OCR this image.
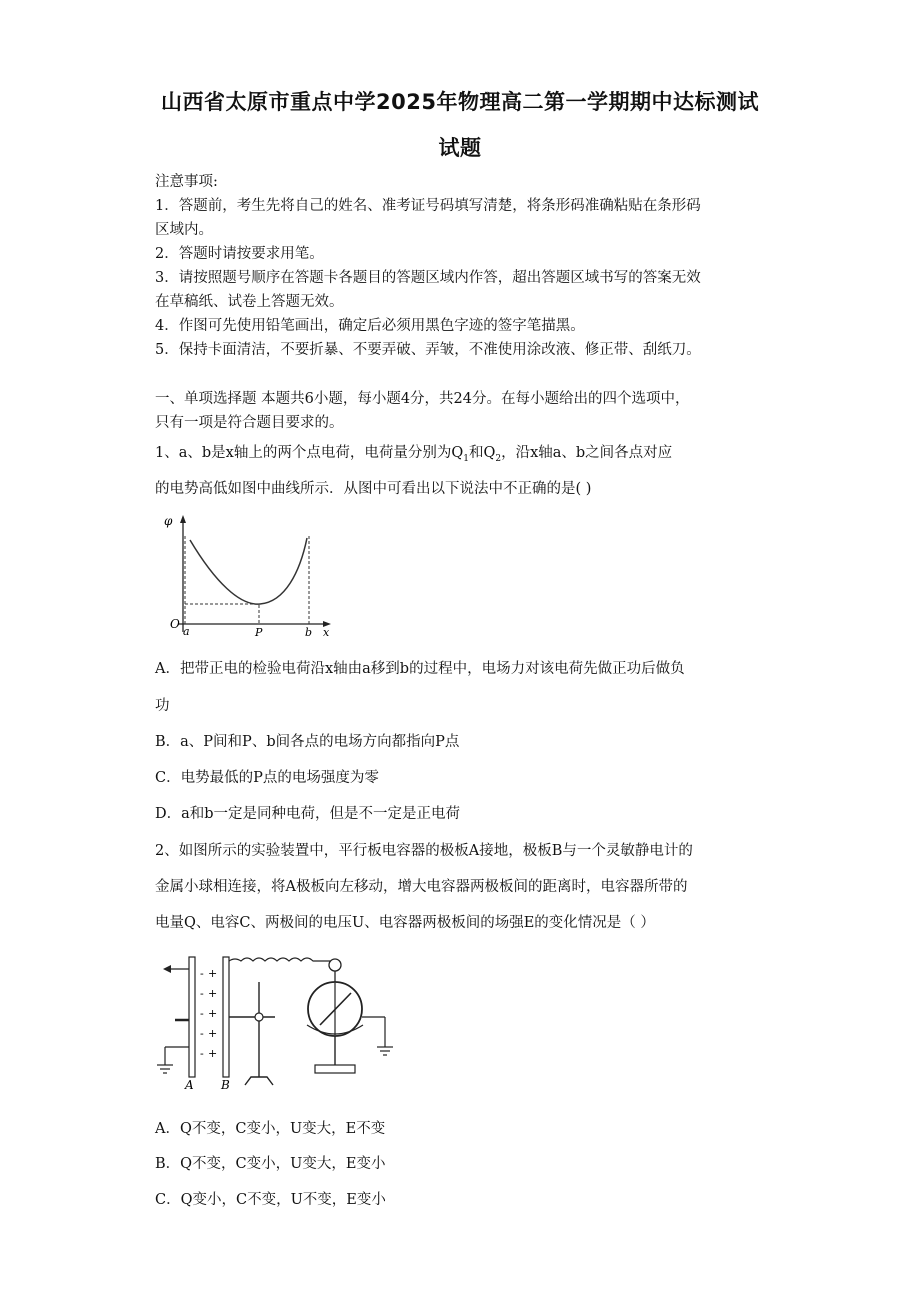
山西省太原市重点中学2025年物理高二第一学期期中达标测试
试题
注意事项:
1．答题前，考生先将自己的姓名、准考证号码填写清楚，将条形码准确粘贴在条形码
区域内。
2．答题时请按要求用笔。
3．请按照题号顺序在答题卡各题目的答题区域内作答，超出答题区域书写的答案无效
在草稿纸、试卷上答题无效。
4．作图可先使用铅笔画出，确定后必须用黑色字迹的签字笔描黑。
5．保持卡面清洁，不要折暴、不要弄破、弄皱，不准使用涂改液、修正带、刮纸刀。
一、单项选择题 本题共6小题，每小题4分，共24分。在每小题给出的四个选项中，
只有一项是符合题目要求的。
1、a、b是x轴上的两个点电荷，电荷量分别为$Q_1$和$Q_2$，沿x轴a、b之间各点对应
的电势高低如图中曲线所示．从图中可看出以下说法中不正确的是( )
φ
O
a	P	b x
A．把带正电的检验电荷沿x轴由a移到b的过程中，电场力对该电荷先做正功后做负
功
B．a、P间和P、b间各点的电场方向都指向P点
C．电势最低的P点的电场强度为零
D．a和b一定是同种电荷，但是不一定是正电荷
2、如图所示的实验装置中，平行板电容器的极板A接地，极板B与一个灵敏静电计的
金属小球相连接，将A极板向左移动，增大电容器两极板间的距离时，电容器所带的
电量Q、电容C、两极间的电压U、电容器两极板间的场强E的变化情况是（ ）
-
-
-
-
-
+
+
+
+
+
A B
A．Q不变，C变小，U变大，E不变
B．Q不变，C变小，U变大，E变小
C．Q变小，C不变，U不变，E变小
